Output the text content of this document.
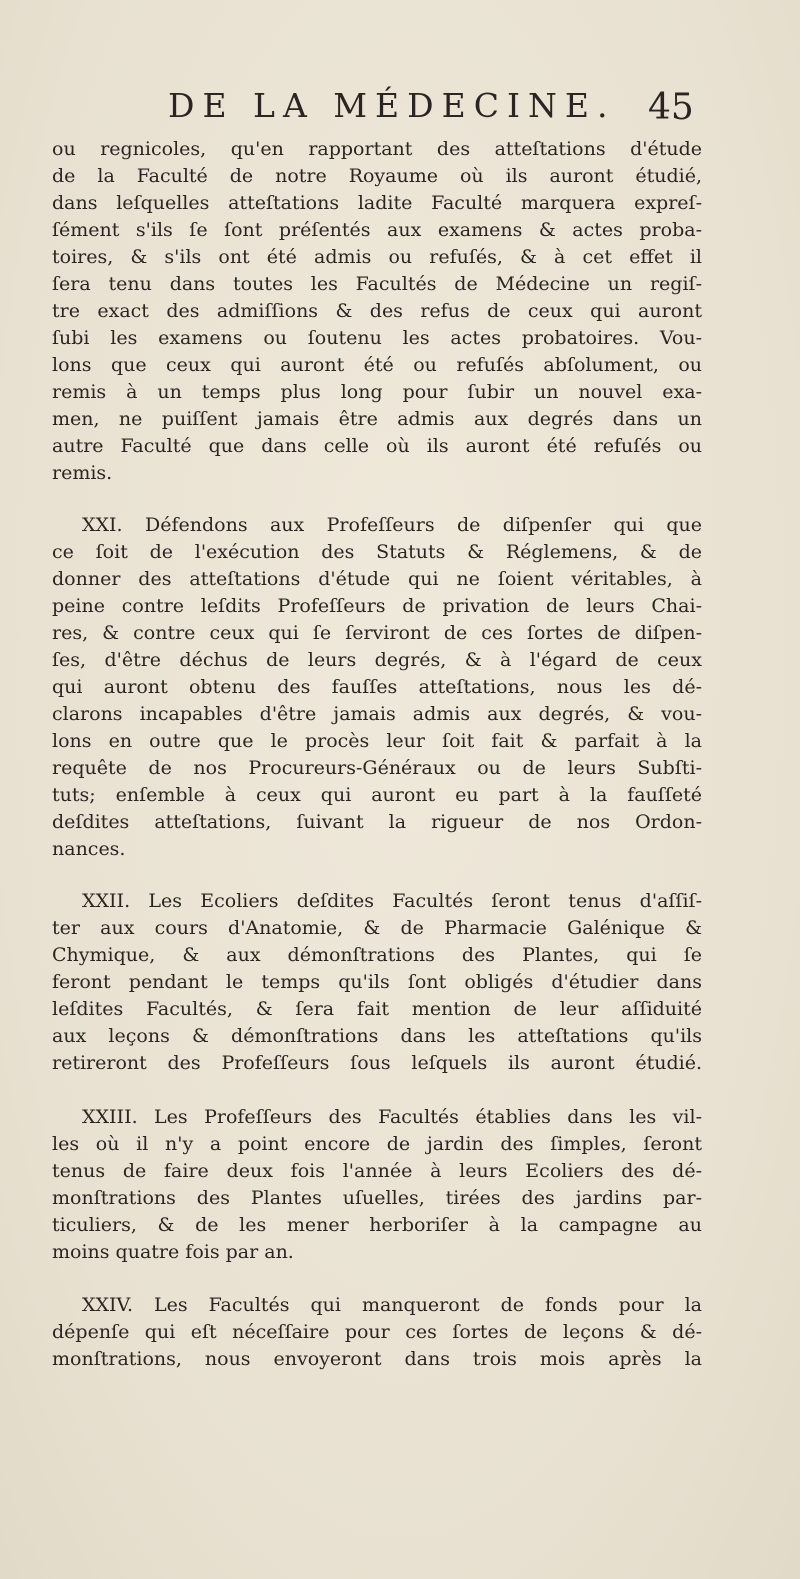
DE LA MÉDECINE. 45
ou regnicoles, qu'en rapportant des atteſtations d'étude
de la Faculté de notre Royaume où ils auront étudié,
dans leſquelles atteſtations ladite Faculté marquera expreſ-
ſément s'ils ſe ſont préſentés aux examens & actes proba-
toires, & s'ils ont été admis ou refuſés, & à cet effet il
ſera tenu dans toutes les Facultés de Médecine un regiſ-
tre exact des admiſſions & des refus de ceux qui auront
ſubi les examens ou ſoutenu les actes probatoires. Vou-
lons que ceux qui auront été ou refuſés abſolument, ou
remis à un temps plus long pour ſubir un nouvel exa-
men, ne puiſſent jamais être admis aux degrés dans un
autre Faculté que dans celle où ils auront été refuſés ou
remis.
XXI. Défendons aux Profeſſeurs de diſpenſer qui que
ce ſoit de l'exécution des Statuts & Réglemens, & de
donner des atteſtations d'étude qui ne ſoient véritables, à
peine contre leſdits Profeſſeurs de privation de leurs Chai-
res, & contre ceux qui ſe ſerviront de ces ſortes de diſpen-
ſes, d'être déchus de leurs degrés, & à l'égard de ceux
qui auront obtenu des fauſſes atteſtations, nous les dé-
clarons incapables d'être jamais admis aux degrés, & vou-
lons en outre que le procès leur ſoit fait & parfait à la
requête de nos Procureurs-Généraux ou de leurs Subſti-
tuts; enſemble à ceux qui auront eu part à la fauſſeté
deſdites atteſtations, ſuivant la rigueur de nos Ordon-
nances.
XXII. Les Ecoliers deſdites Facultés ſeront tenus d'aſſiſ-
ter aux cours d'Anatomie, & de Pharmacie Galénique &
Chymique, & aux démonſtrations des Plantes, qui ſe
feront pendant le temps qu'ils ſont obligés d'étudier dans
leſdites Facultés, & ſera fait mention de leur aſſiduité
aux leçons & démonſtrations dans les atteſtations qu'ils
retireront des Profeſſeurs ſous leſquels ils auront étudié.
XXIII. Les Profeſſeurs des Facultés établies dans les vil-
les où il n'y a point encore de jardin des ſimples, ſeront
tenus de faire deux fois l'année à leurs Ecoliers des dé-
monſtrations des Plantes uſuelles, tirées des jardins par-
ticuliers, & de les mener herboriſer à la campagne au
moins quatre fois par an.
XXIV. Les Facultés qui manqueront de fonds pour la
dépenſe qui eſt néceſſaire pour ces ſortes de leçons & dé-
monſtrations, nous envoyeront dans trois mois après la
